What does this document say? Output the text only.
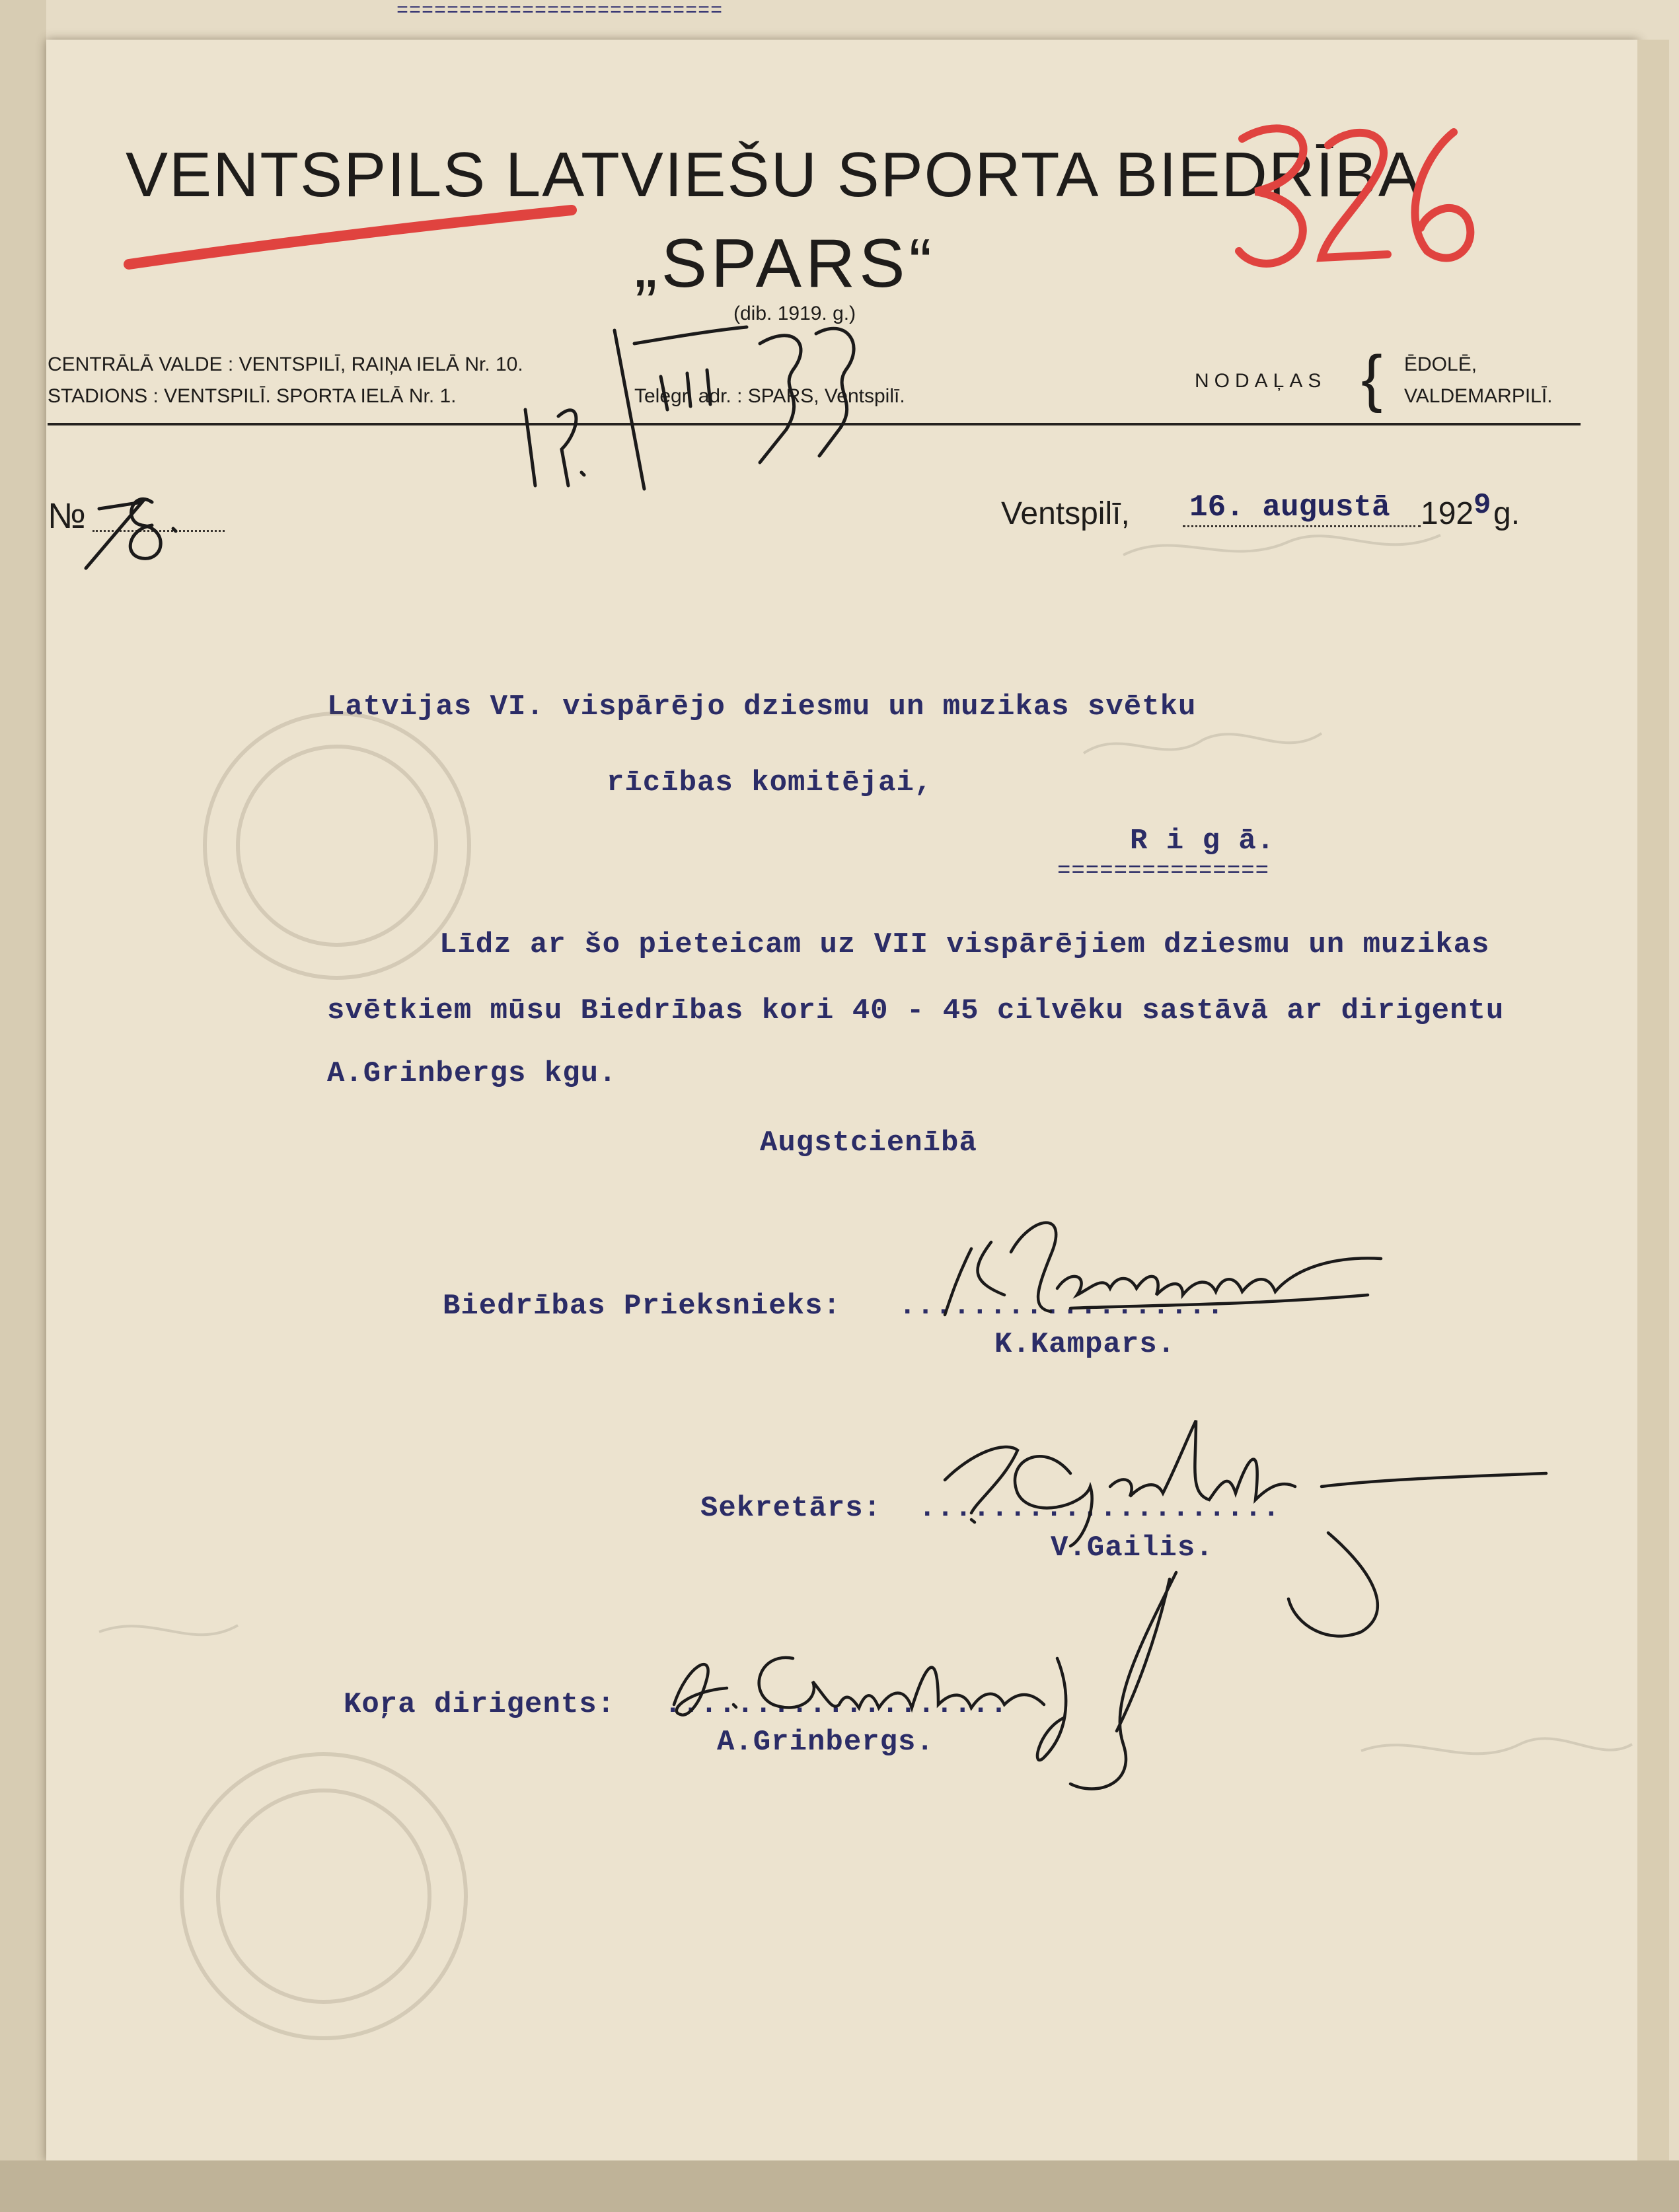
==========================
VENTSPILS LATVIEŠU SPORTA BIEDRĪBA
„SPARS“
(dib. 1919. g.)
CENTRĀLĀ VALDE : VENTSPILĪ, RAIŅA IELĀ Nr. 10.
STADIONS : VENTSPILĪ. SPORTA IELĀ Nr. 1.	Telegr. adr. : SPARS, Ventspilī.
NODAĻAS { ĒDOLĒ,
VALDEMARPILĪ.
№	Ventspilī, 16. augustā 192 9 g.
Latvijas VI. vispārējo dziesmu un muzikas svētku
rīcības komitējai,
R i g ā.
===============
Līdz ar šo pieteicam uz VII vispārējiem dziesmu un muzikas
svētkiem mūsu Biedrības kori 40 - 45 cilvēku sastāvā ar dirigentu
A.Grinbergs kgu.
Augstcienībā
Biedrības Prieksnieks: ..................
K.Kampars.
Sekretārs: ....................
V.Gailis.
Koŗa dirigents: ...................
A.Grinbergs.
